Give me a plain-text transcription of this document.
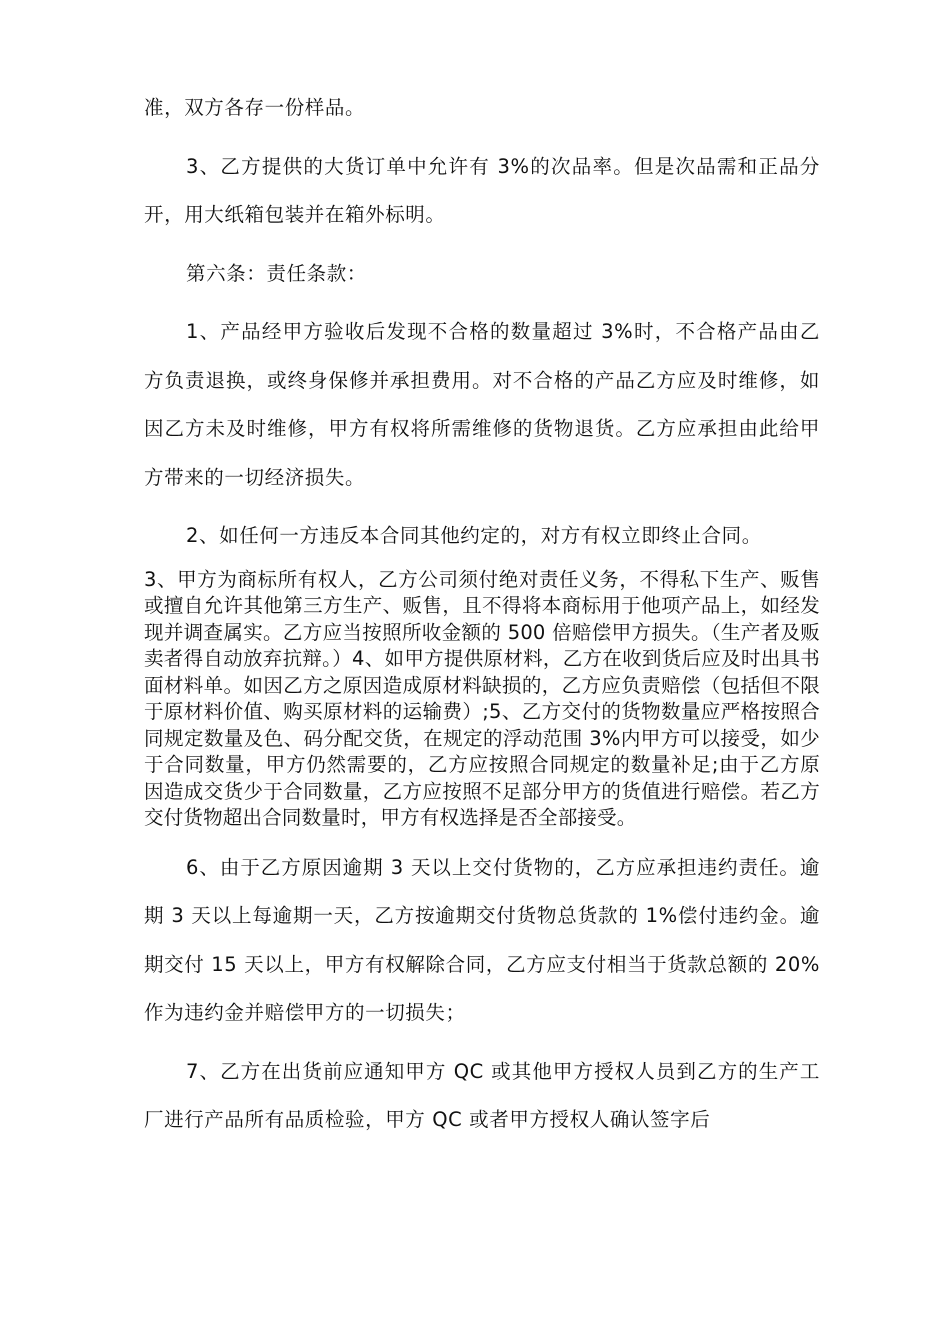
准，双方各存一份样品。

3、乙方提供的大货订单中允许有 3%的次品率。但是次品需和正品分开，用大纸箱包装并在箱外标明。

第六条：责任条款：

1、产品经甲方验收后发现不合格的数量超过 3%时，不合格产品由乙方负责退换，或终身保修并承担费用。对不合格的产品乙方应及时维修，如因乙方未及时维修，甲方有权将所需维修的货物退货。乙方应承担由此给甲方带来的一切经济损失。

2、如任何一方违反本合同其他约定的，对方有权立即终止合同。

3、甲方为商标所有权人，乙方公司须付绝对责任义务，不得私下生产、贩售或擅自允许其他第三方生产、贩售，且不得将本商标用于他项产品上，如经发现并调查属实。乙方应当按照所收金额的 500 倍赔偿甲方损失。（生产者及贩卖者得自动放弃抗辩。）4、如甲方提供原材料，乙方在收到货后应及时出具书面材料单。如因乙方之原因造成原材料缺损的，乙方应负责赔偿（包括但不限于原材料价值、购买原材料的运输费）;5、乙方交付的货物数量应严格按照合同规定数量及色、码分配交货，在规定的浮动范围 3%内甲方可以接受，如少于合同数量，甲方仍然需要的，乙方应按照合同规定的数量补足;由于乙方原因造成交货少于合同数量，乙方应按照不足部分甲方的货值进行赔偿。若乙方交付货物超出合同数量时，甲方有权选择是否全部接受。

6、由于乙方原因逾期 3 天以上交付货物的，乙方应承担违约责任。逾期 3 天以上每逾期一天，乙方按逾期交付货物总货款的 1%偿付违约金。逾期交付 15 天以上，甲方有权解除合同，乙方应支付相当于货款总额的 20%作为违约金并赔偿甲方的一切损失；

7、乙方在出货前应通知甲方 QC 或其他甲方授权人员到乙方的生产工厂进行产品所有品质检验，甲方 QC 或者甲方授权人确认签字后
